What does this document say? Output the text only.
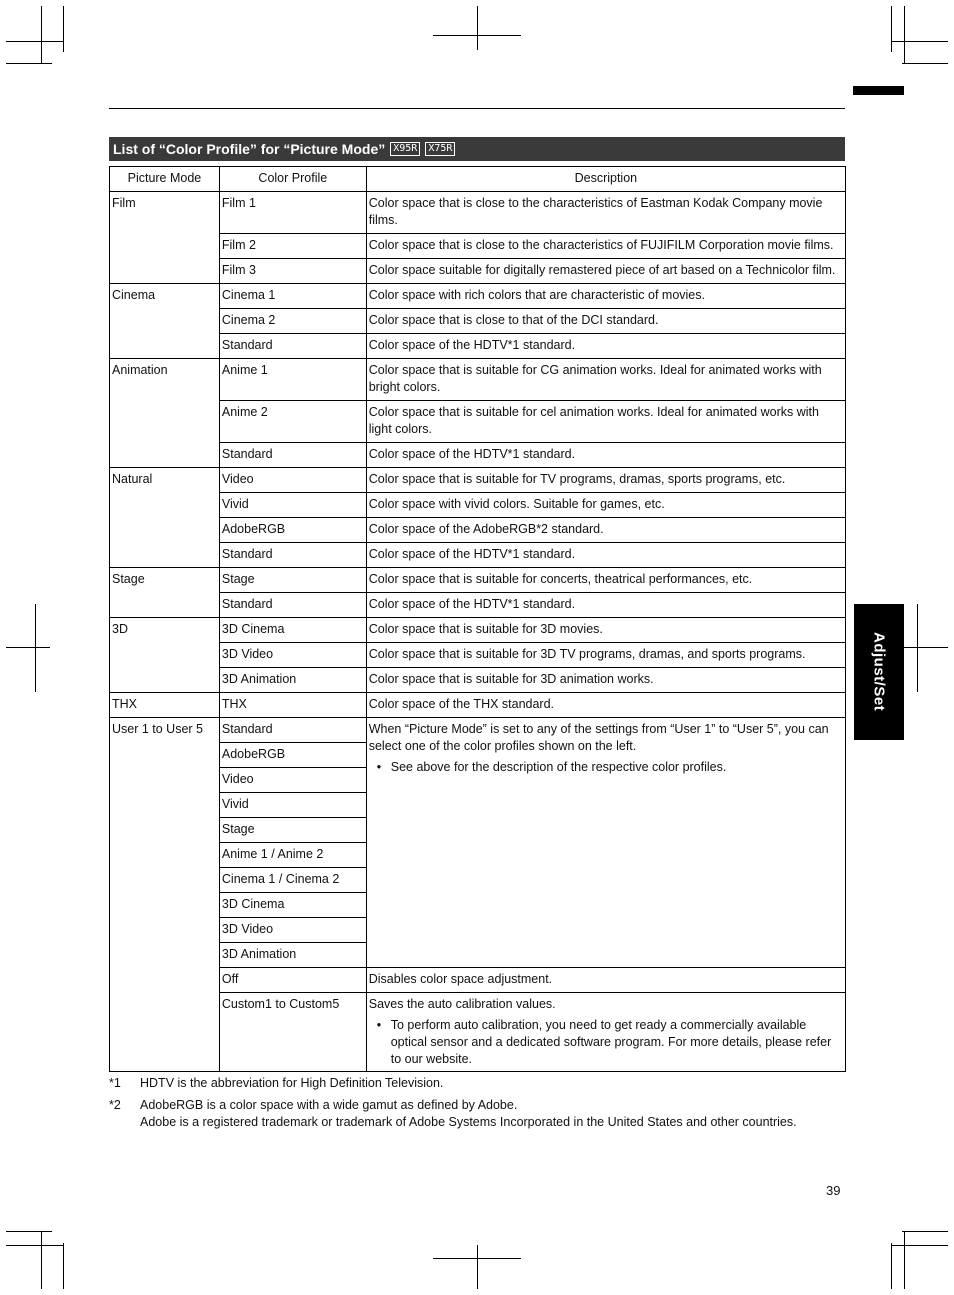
Adjust/Set
List of “Color Profile” for “Picture Mode” X95R	X75R
Picture Mode	Color Profile	Description
Film	Film 1	Color space that is close to the characteristics of Eastman Kodak Company movie films.
	Film 2	Color space that is close to the characteristics of FUJIFILM Corporation movie films.
	Film 3	Color space suitable for digitally remastered piece of art based on a Technicolor film.
Cinema	Cinema 1	Color space with rich colors that are characteristic of movies.
	Cinema 2	Color space that is close to that of the DCI standard.
	Standard	Color space of the HDTV*1 standard.
Animation	Anime 1	Color space that is suitable for CG animation works. Ideal for animated works with bright colors.
	Anime 2	Color space that is suitable for cel animation works. Ideal for animated works with light colors.
	Standard	Color space of the HDTV*1 standard.
Natural	Video	Color space that is suitable for TV programs, dramas, sports programs, etc.
	Vivid	Color space with vivid colors. Suitable for games, etc.
	AdobeRGB	Color space of the AdobeRGB*2 standard.
	Standard	Color space of the HDTV*1 standard.
Stage	Stage	Color space that is suitable for concerts, theatrical performances, etc.
	Standard	Color space of the HDTV*1 standard.
3D	3D Cinema	Color space that is suitable for 3D movies.
	3D Video	Color space that is suitable for 3D TV programs, dramas, and sports programs.
	3D Animation	Color space that is suitable for 3D animation works.
THX	THX	Color space of the THX standard.
User 1 to User 5	Standard	When “Picture Mode” is set to any of the settings from “User 1” to “User 5”, you can select one of the color profiles shown on the left.
• See above for the description of the respective color profiles.

	AdobeRGB	
	Video	
	Vivid	
	Stage	
	Anime 1 / Anime 2	
	Cinema 1 / Cinema 2	
	3D Cinema	
	3D Video	
	3D Animation	
	Off	Disables color space adjustment.
	Custom1 to Custom5	Saves the auto calibration values.
• To perform auto calibration, you need to get ready a commercially available optical sensor and a dedicated software program. For more details, please refer to our website.
*1	HDTV is the abbreviation for High Definition Television.
*2	AdobeRGB is a color space with a wide gamut as defined by Adobe.
Adobe is a registered trademark or trademark of Adobe Systems Incorporated in the United States and other countries.
39
